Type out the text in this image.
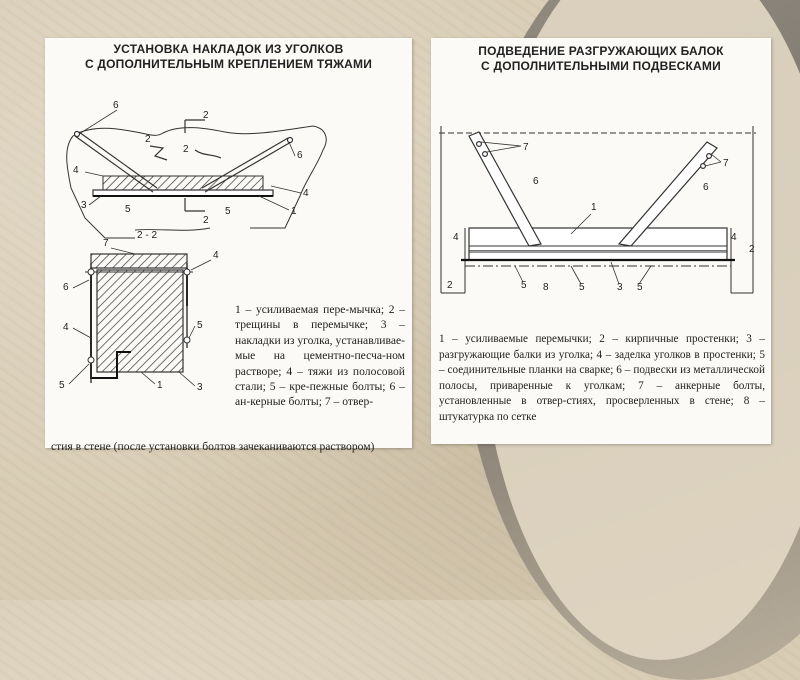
УСТАНОВКА НАКЛАДОК ИЗ УГОЛКОВ
С ДОПОЛНИТЕЛЬНЫМ КРЕПЛЕНИЕМ ТЯЖАМИ
2
2
6
2
2
6
4
4
3	5	5	1
2 - 2
7
4
6
4	5
5	1	3
1 – усиливаемая пере-мычка; 2 – трещины в перемычке; 3 – накладки из уголка, устанавливае-мые на цементно-песча-ном растворе; 4 – тяжи из полосовой стали; 5 – кре-пежные болты; 6 – ан-керные болты; 7 – отвер-
стия в стене (после установки болтов зачеканиваются раствором)
ПОДВЕДЕНИЕ РАЗГРУЖАЮЩИХ БАЛОК
С ДОПОЛНИТЕЛЬНЫМИ ПОДВЕСКАМИ
7
7
6
6
1
4	4
2
2	5 8	5	3 5
1 – усиливаемые перемычки; 2 – кирпичные простенки; 3 – разгружающие балки из уголка; 4 – заделка уголков в простенки; 5 – соединительные планки на сварке; 6 – подвески из металлической полосы, приваренные к уголкам; 7 – анкерные болты, установленные в отвер-стиях, просверленных в стене; 8 – штукатурка по сетке
